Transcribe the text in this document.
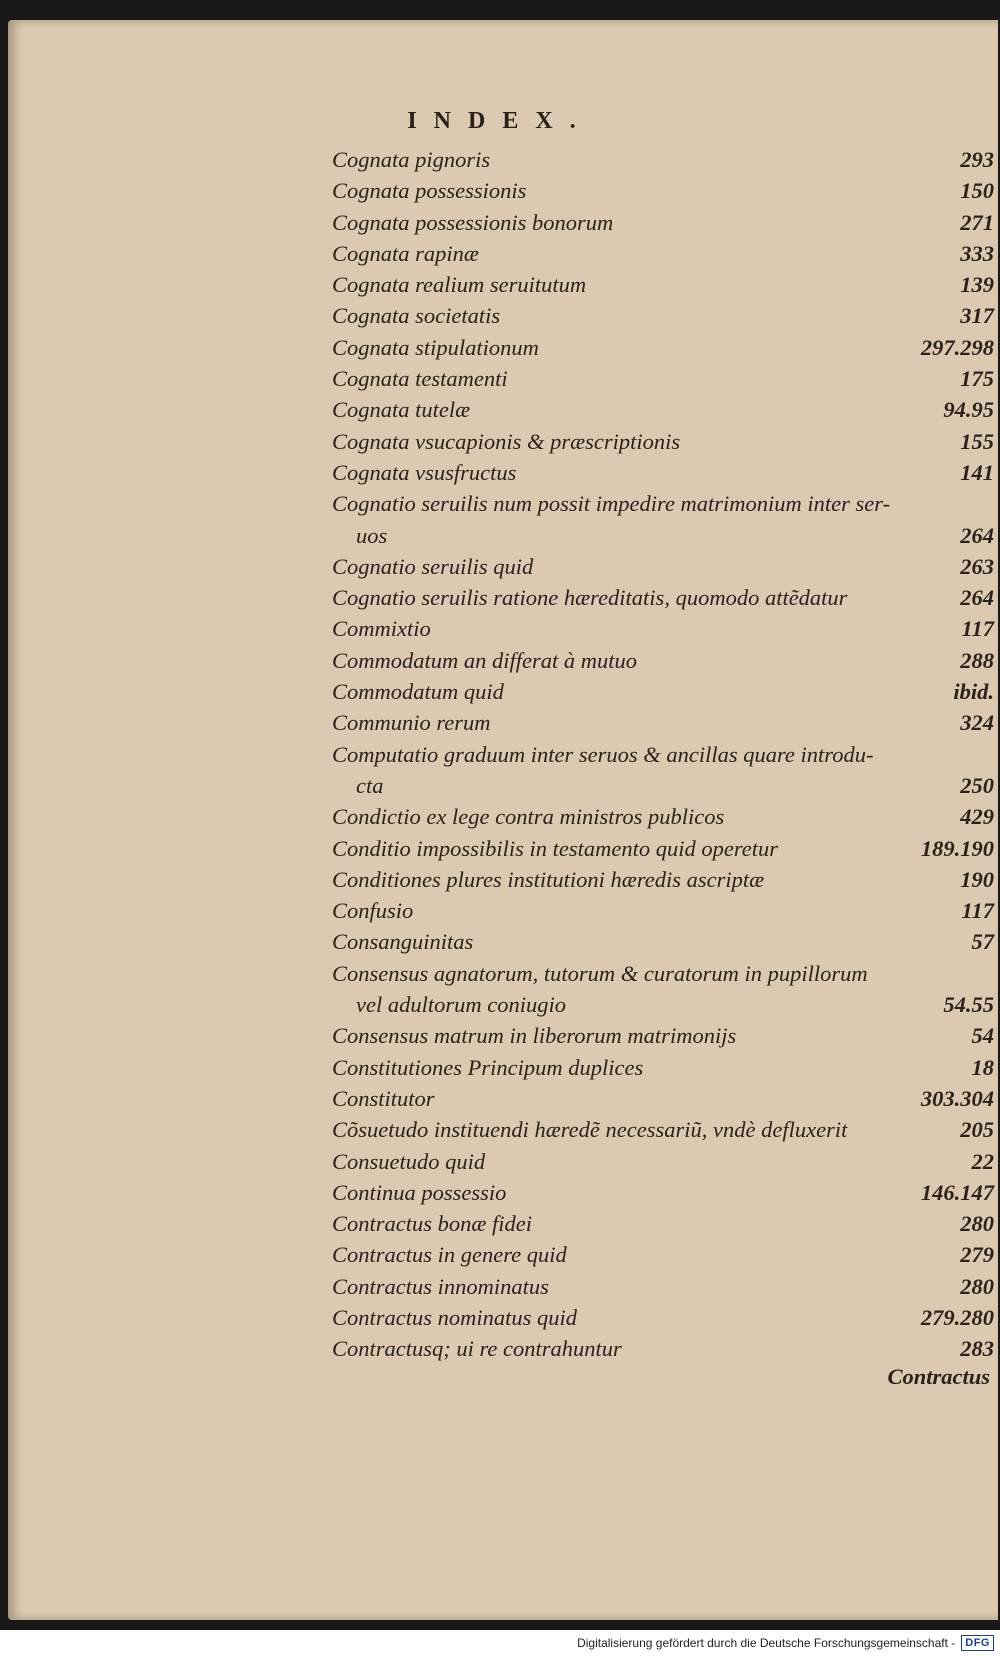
INDEX.
Cognata pignoris	293
Cognata possessionis	150
Cognata possessionis bonorum	271
Cognata rapinæ	333
Cognata realium seruitutum	139
Cognata societatis	317
Cognata stipulationum	297.298
Cognata testamenti	175
Cognata tutelæ	94.95
Cognata vsucapionis & præscriptionis	155
Cognata vsusfructus	141
Cognatio seruilis num possit impedire matrimonium inter ser-
uos	264
Cognatio seruilis quid	263
Cognatio seruilis ratione hæreditatis, quomodo attẽdatur	264
Commixtio	117
Commodatum an differat à mutuo	288
Commodatum quid	ibid.
Communio rerum	324
Computatio graduum inter seruos & ancillas quare introdu-
cta	250
Condictio ex lege contra ministros publicos	429
Conditio impossibilis in testamento quid operetur	189.190
Conditiones plures institutioni hæredis ascriptæ	190
Confusio	117
Consanguinitas	57
Consensus agnatorum, tutorum & curatorum in pupillorum
vel adultorum coniugio	54.55
Consensus matrum in liberorum matrimonijs	54
Constitutiones Principum duplices	18
Constitutor	303.304
Cõsuetudo instituendi hæredẽ necessariũ, vndè defluxerit	205
Consuetudo quid	22
Continua possessio	146.147
Contractus bonæ fidei	280
Contractus in genere quid	279
Contractus innominatus	280
Contractus nominatus quid	279.280
Contractusq; ui re contrahuntur	283
Contractus
Digitalisierung gefördert durch die Deutsche Forschungsgemeinschaft - DFG
